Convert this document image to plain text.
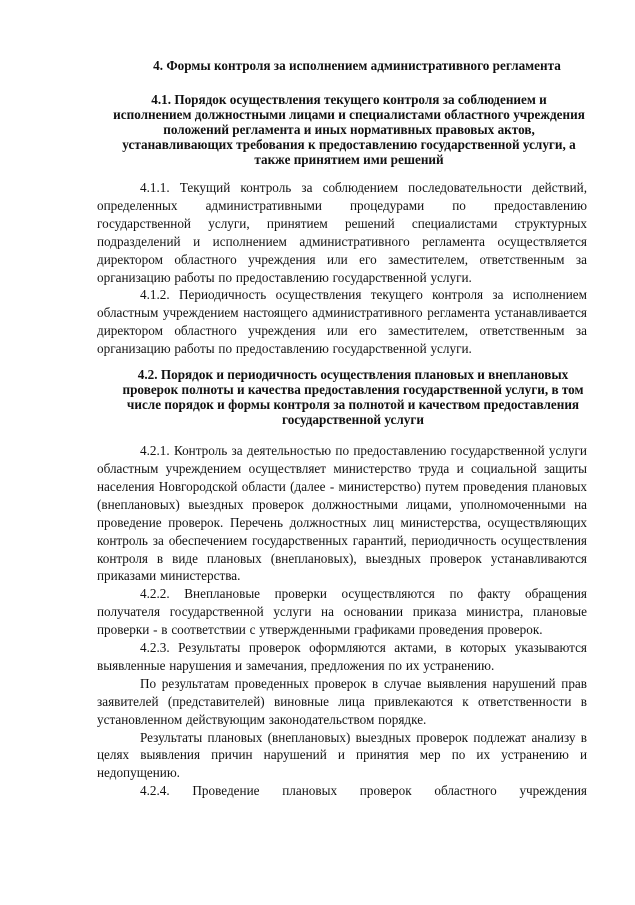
4. Формы контроля за исполнением административного регламента
4.1. Порядок осуществления текущего контроля за соблюдением и исполнением должностными лицами и специалистами областного учреждения положений регламента и иных нормативных правовых актов, устанавливающих требования к предоставлению государственной услуги, а также принятием ими решений

4.1.1. Текущий контроль за соблюдением последовательности действий, определенных административными процедурами по предоставлению государственной услуги, принятием решений специалистами структурных подразделений и исполнением административного регламента осуществляется директором областного учреждения или его заместителем, ответственным за организацию работы по предоставлению государственной услуги.

4.1.2. Периодичность осуществления текущего контроля за исполнением областным учреждением настоящего административного регламента устанавливается директором областного учреждения или его заместителем, ответственным за организацию работы по предоставлению государственной услуги.

4.2. Порядок и периодичность осуществления плановых и внеплановых проверок полноты и качества предоставления государственной услуги, в том числе порядок и формы контроля за полнотой и качеством предоставления государственной услуги

4.2.1. Контроль за деятельностью по предоставлению государственной услуги областным учреждением осуществляет министерство труда и социальной защиты населения Новгородской области (далее - министерство) путем проведения плановых (внеплановых) выездных проверок должностными лицами, уполномоченными на проведение проверок. Перечень должностных лиц министерства, осуществляющих контроль за обеспечением государственных гарантий, периодичность осуществления контроля в виде плановых (внеплановых), выездных проверок устанавливаются приказами министерства.

4.2.2. Внеплановые проверки осуществляются по факту обращения получателя государственной услуги на основании приказа министра, плановые проверки - в соответствии с утвержденными графиками проведения проверок.

4.2.3. Результаты проверок оформляются актами, в которых указываются выявленные нарушения и замечания, предложения по их устранению.

По результатам проведенных проверок в случае выявления нарушений прав заявителей (представителей) виновные лица привлекаются к ответственности в установленном действующим законодательством порядке.

Результаты плановых (внеплановых) выездных проверок подлежат анализу в целях выявления причин нарушений и принятия мер по их устранению и недопущению.

4.2.4. Проведение плановых проверок областного учреждения
